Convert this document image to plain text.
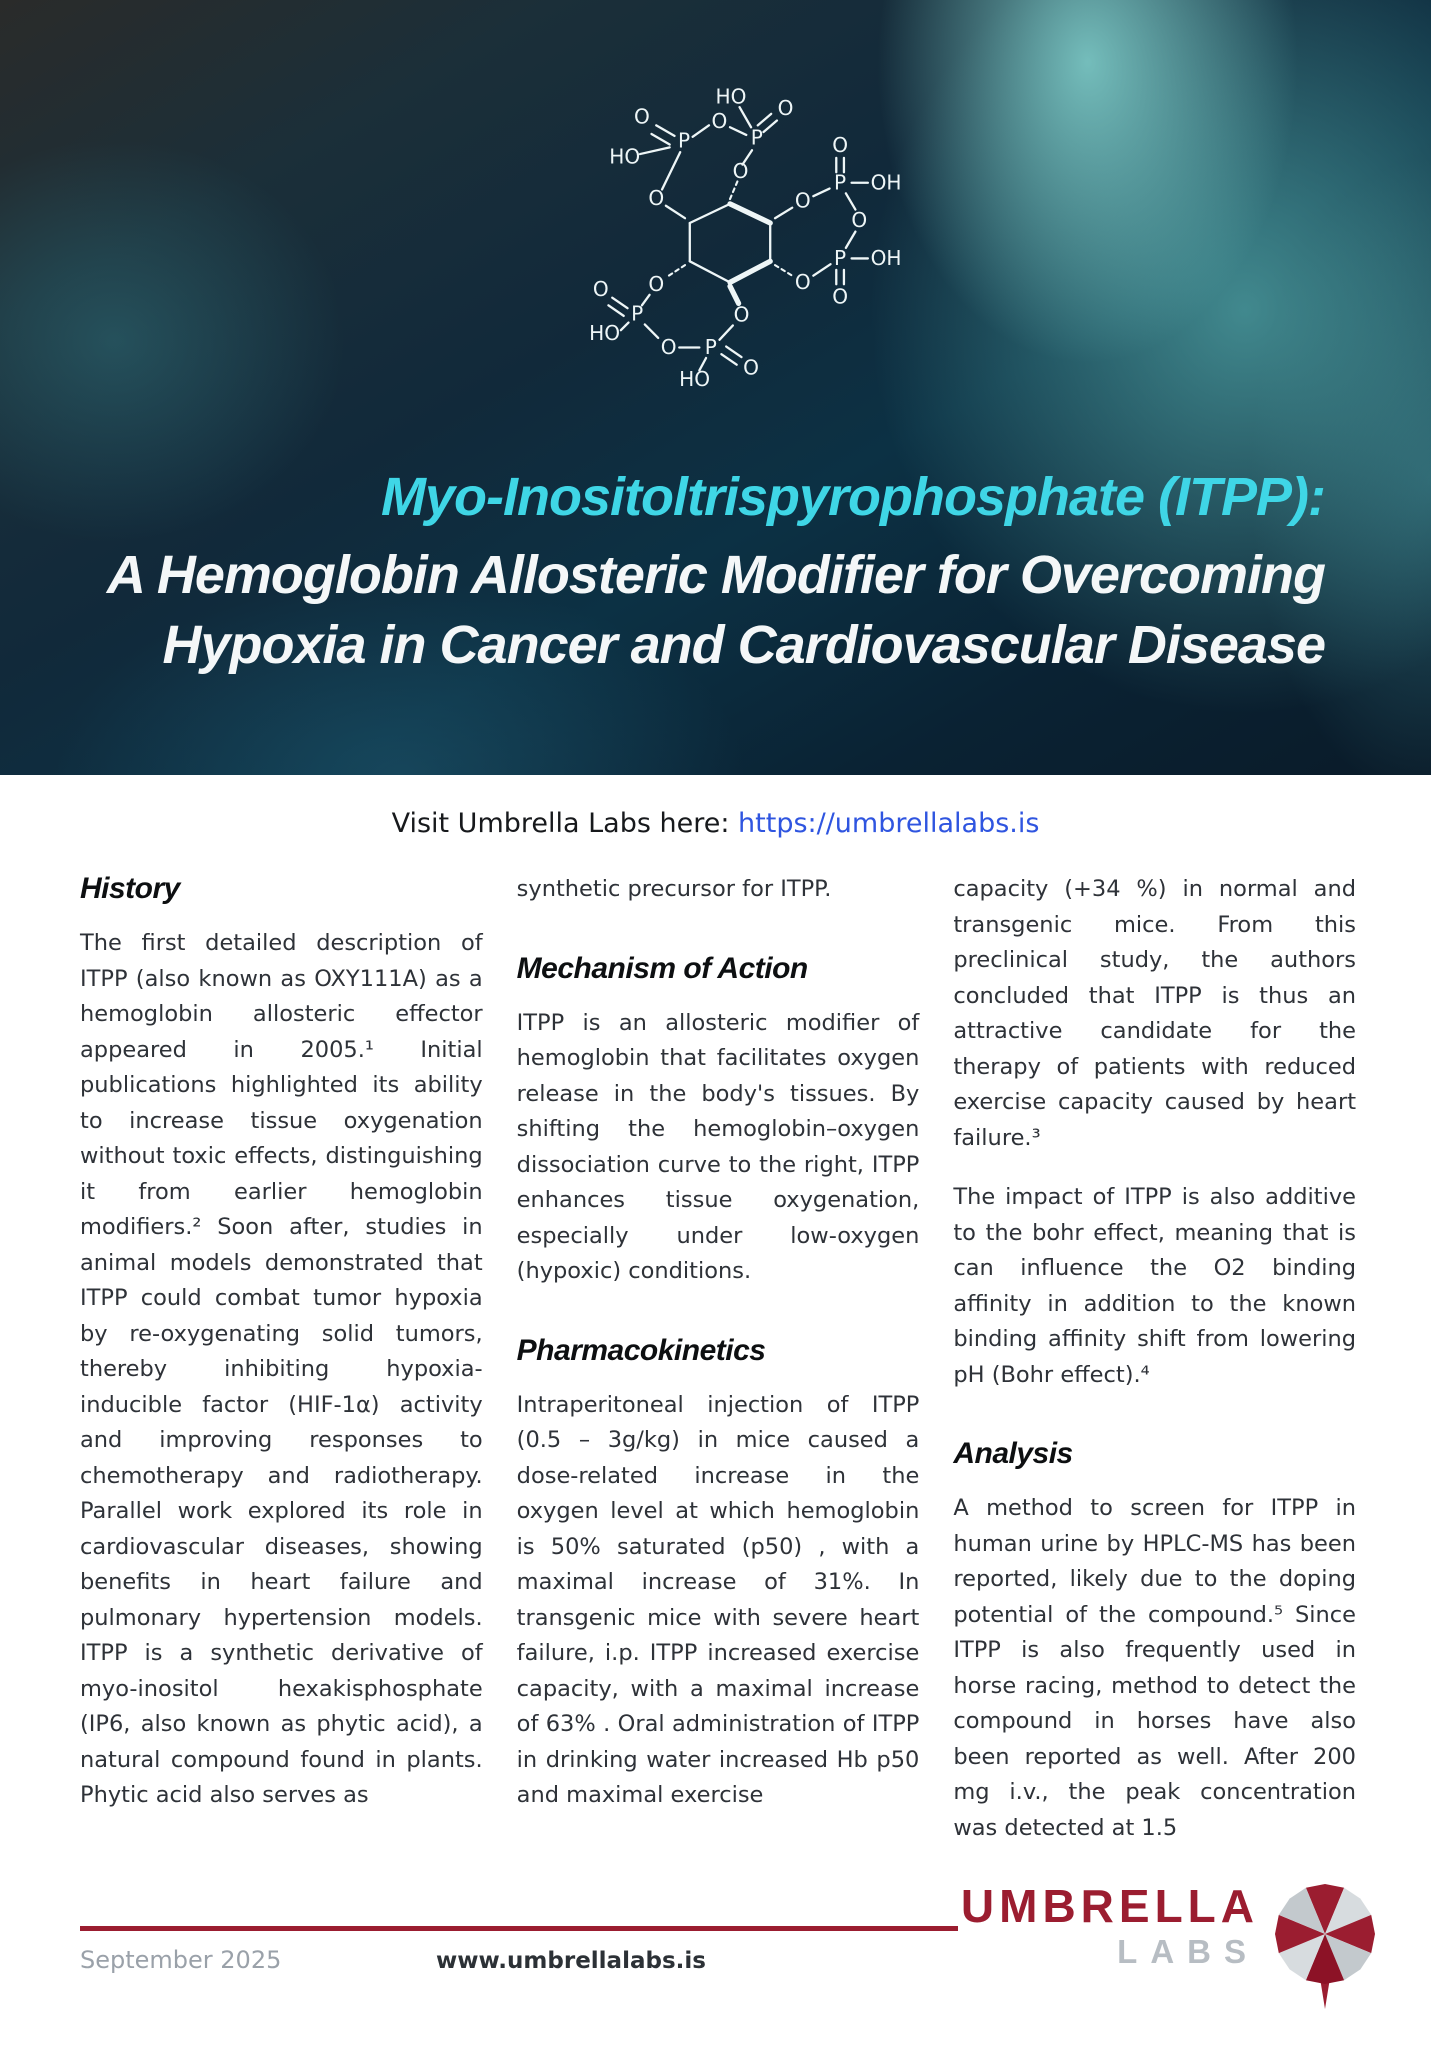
O
O	O
O
O
O
P
O
HO
O
P
O
HO
P
O
OH
O
P OH
O
P
O
HO
O P
O
HO
Myo-Inositoltrispyrophosphate (ITPP):
A Hemoglobin Allosteric Modifier for Overcoming
Hypoxia in Cancer and Cardiovascular Disease
Visit Umbrella Labs here: https://umbrellalabs.is
History

The first detailed description of ITPP (also known as OXY111A) as a hemoglobin allosteric effector appeared in 2005.¹ Initial publications highlighted its ability to increase tissue oxygenation without toxic effects, distinguishing it from earlier hemoglobin modifiers.² Soon after, studies in animal models demonstrated that ITPP could combat tumor hypoxia by re-oxygenating solid tumors, thereby inhibiting hypoxia-inducible factor (HIF-1α) activity and improving responses to chemotherapy and radiotherapy. Parallel work explored its role in cardiovascular diseases, showing benefits in heart failure and pulmonary hypertension models. ITPP is a synthetic derivative of myo-inositol hexakisphosphate (IP6, also known as phytic acid), a natural compound found in plants. Phytic acid also serves as

synthetic precursor for ITPP.

Mechanism of Action

ITPP is an allosteric modifier of hemoglobin that facilitates oxygen release in the body's tissues. By shifting the hemoglobin–oxygen dissociation curve to the right, ITPP enhances tissue oxygenation, especially under low-oxygen (hypoxic) conditions.

Pharmacokinetics

Intraperitoneal injection of ITPP (0.5 – 3g/kg) in mice caused a dose-related increase in the oxygen level at which hemoglobin is 50% saturated (p50) , with a maximal increase of 31%. In transgenic mice with severe heart failure, i.p. ITPP increased exercise capacity, with a maximal increase of 63% . Oral administration of ITPP in drinking water increased Hb p50 and maximal exercise

capacity (+34 %) in normal and transgenic mice. From this preclinical study, the authors concluded that ITPP is thus an attractive candidate for the therapy of patients with reduced exercise capacity caused by heart failure.³

The impact of ITPP is also additive to the bohr effect, meaning that is can influence the O2 binding affinity in addition to the known binding affinity shift from lowering pH (Bohr effect).⁴

Analysis

A method to screen for ITPP in human urine by HPLC-MS has been reported, likely due to the doping potential of the compound.⁵ Since ITPP is also frequently used in horse racing, method to detect the compound in horses have also been reported as well. After 200 mg i.v., the peak concentration was detected at 1.5

September 2025	www.umbrellalabs.is
UMBRELLA
LABS
